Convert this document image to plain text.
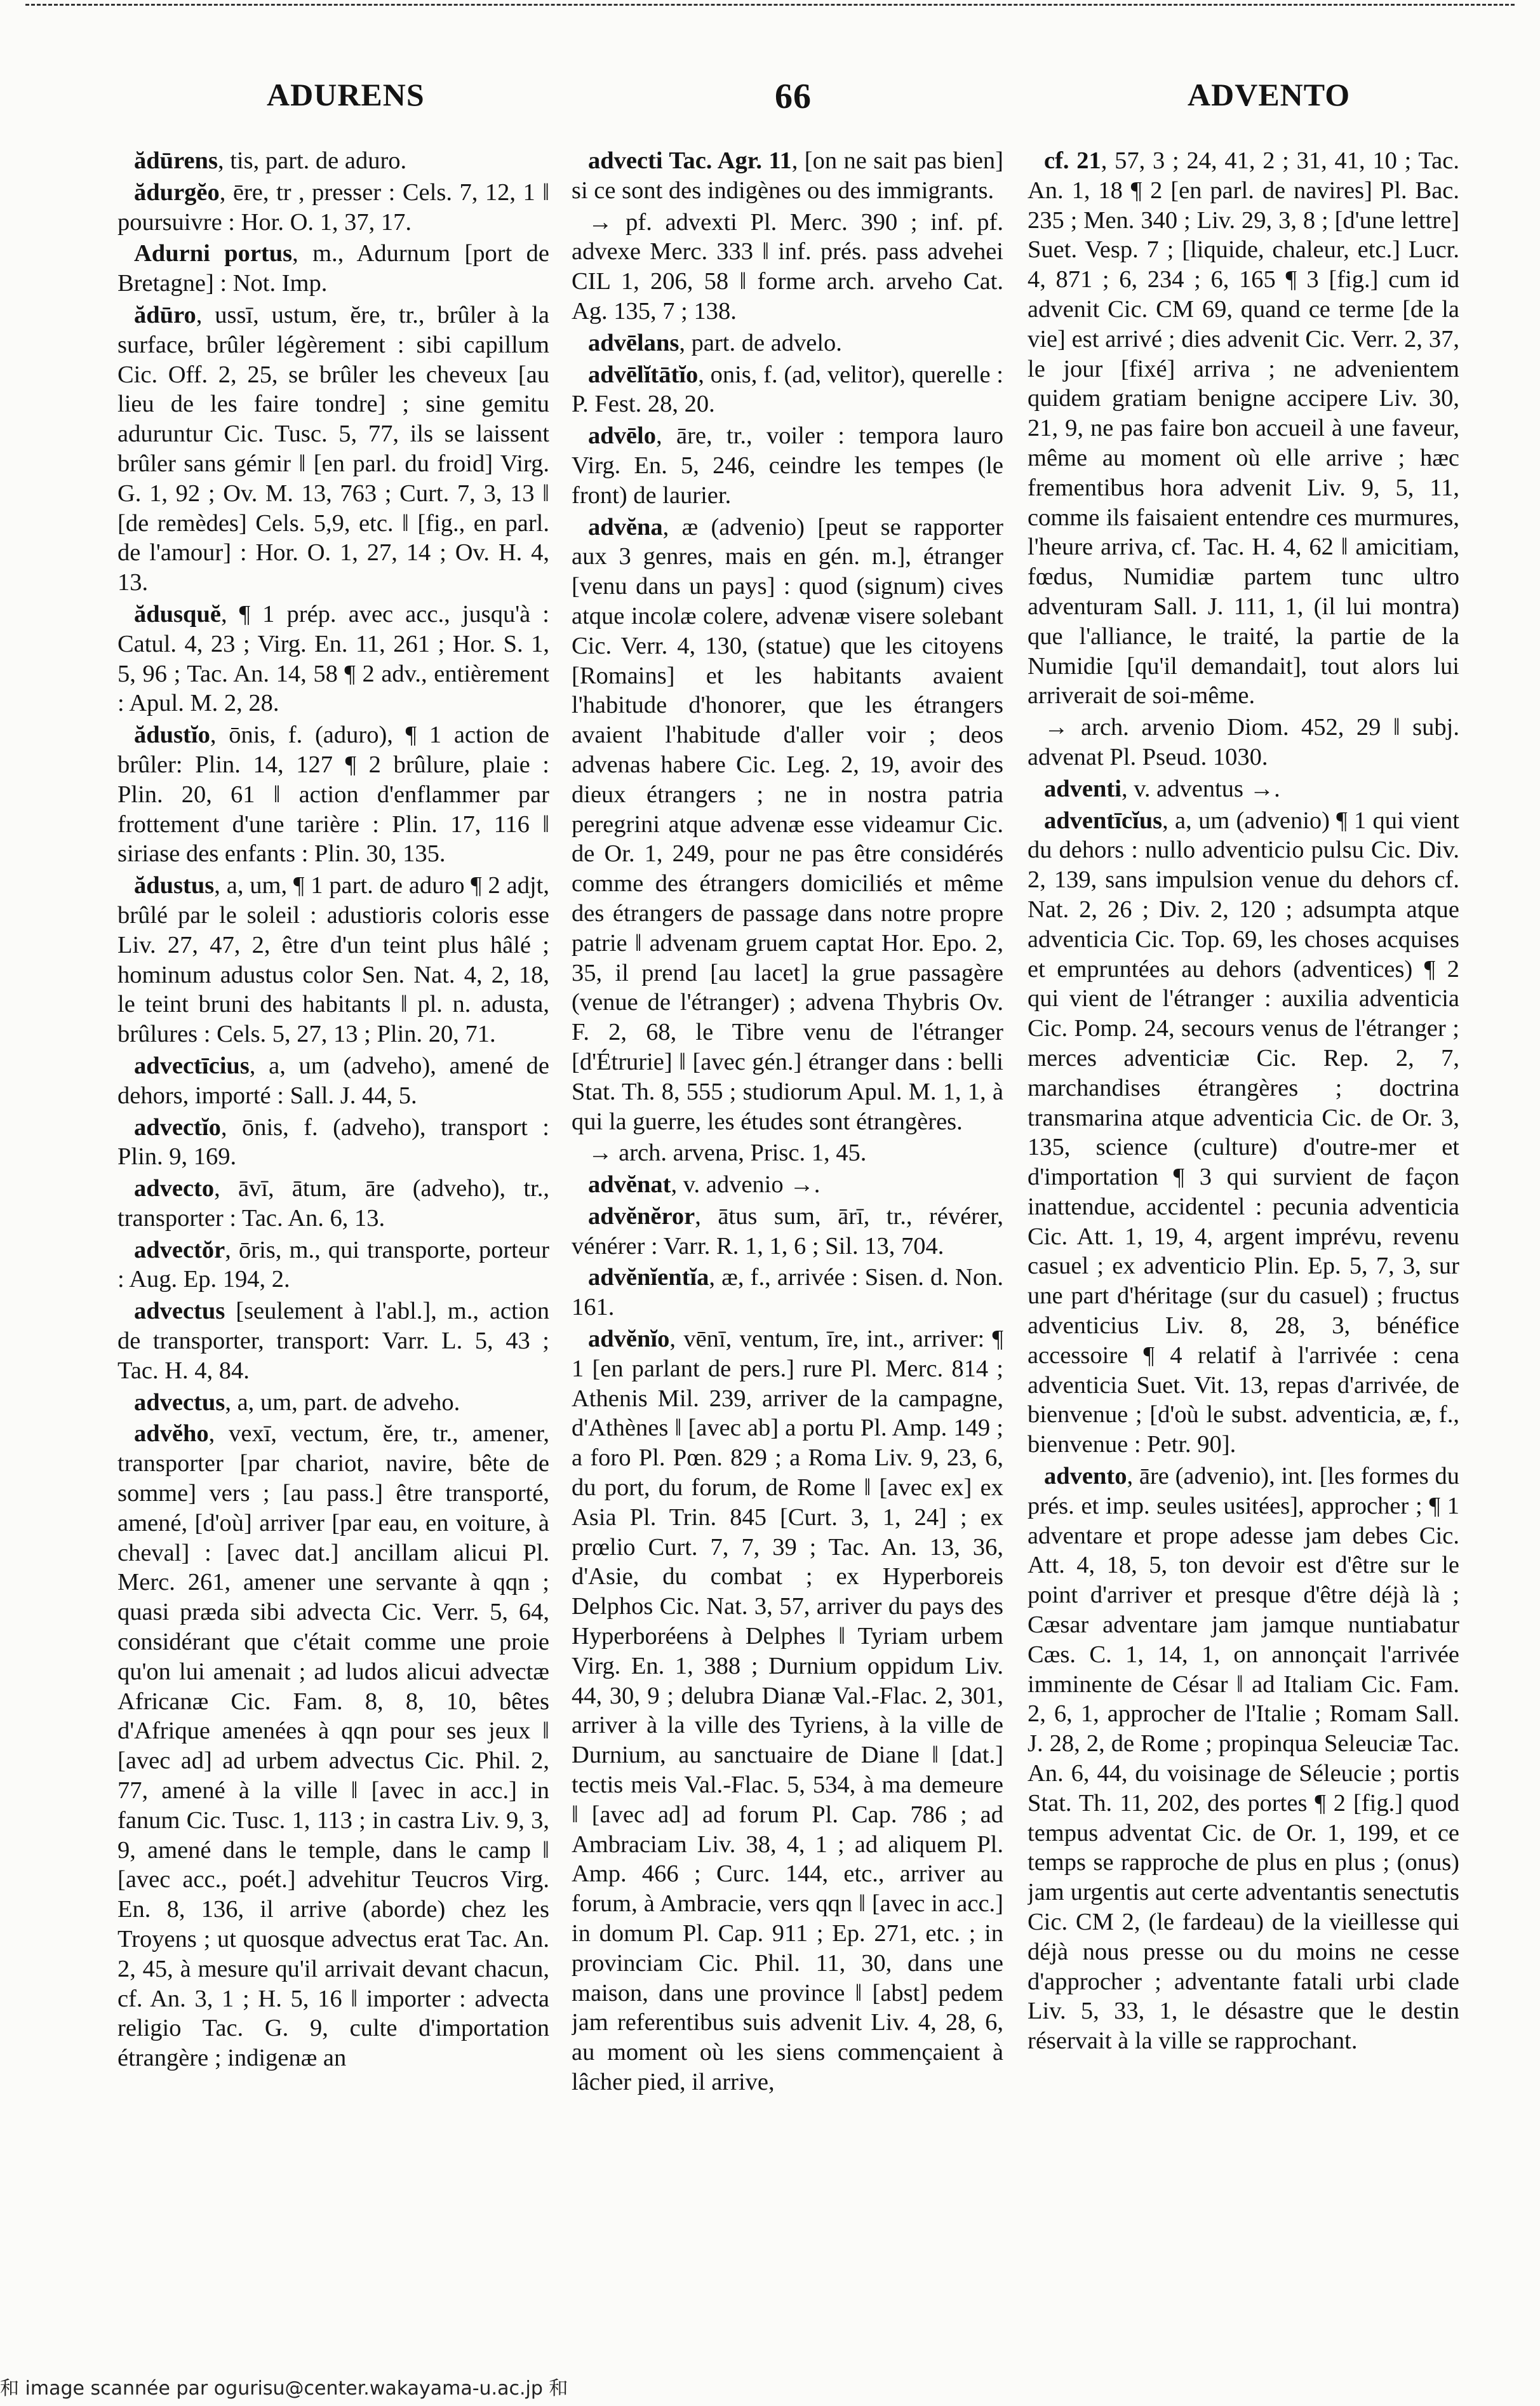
ADURENS	66	ADVENTO

ădūrens, tis, part. de aduro.

ădurgĕo, ēre, tr , presser : Cels. 7, 12, 1 ‖ poursuivre : Hor. O. 1, 37, 17.

Adurni portus, m., Adurnum [port de Bretagne] : Not. Imp.

ădūro, ussī, ustum, ĕre, tr., brûler à la surface, brûler légèrement : sibi capillum Cic. Off. 2, 25, se brûler les cheveux [au lieu de les faire tondre] ; sine gemitu aduruntur Cic. Tusc. 5, 77, ils se laissent brûler sans gémir ‖ [en parl. du froid] Virg. G. 1, 92 ; Ov. M. 13, 763 ; Curt. 7, 3, 13 ‖ [de remèdes] Cels. 5,9, etc. ‖ [fig., en parl. de l'amour] : Hor. O. 1, 27, 14 ; Ov. H. 4, 13.

ădusquĕ, ¶ 1 prép. avec acc., jusqu'à : Catul. 4, 23 ; Virg. En. 11, 261 ; Hor. S. 1, 5, 96 ; Tac. An. 14, 58 ¶ 2 adv., entièrement : Apul. M. 2, 28.

ădustĭo, ōnis, f. (aduro), ¶ 1 action de brûler: Plin. 14, 127 ¶ 2 brûlure, plaie : Plin. 20, 61 ‖ action d'enflammer par frottement d'une tarière : Plin. 17, 116 ‖ siriase des enfants : Plin. 30, 135.

ădustus, a, um, ¶ 1 part. de aduro ¶ 2 adjt, brûlé par le soleil : adustioris coloris esse Liv. 27, 47, 2, être d'un teint plus hâlé ; hominum adustus color Sen. Nat. 4, 2, 18, le teint bruni des habitants ‖ pl. n. adusta, brûlures : Cels. 5, 27, 13 ; Plin. 20, 71.

advectīcius, a, um (adveho), amené de dehors, importé : Sall. J. 44, 5.

advectĭo, ōnis, f. (adveho), transport : Plin. 9, 169.

advecto, āvī, ātum, āre (adveho), tr., transporter : Tac. An. 6, 13.

advectŏr, ōris, m., qui transporte, porteur : Aug. Ep. 194, 2.

advectus [seulement à l'abl.], m., action de transporter, transport: Varr. L. 5, 43 ; Tac. H. 4, 84.

advectus, a, um, part. de adveho.

advĕho, vexī, vectum, ĕre, tr., amener, transporter [par chariot, navire, bête de somme] vers ; [au pass.] être transporté, amené, [d'où] arriver [par eau, en voiture, à cheval] : [avec dat.] ancillam alicui Pl. Merc. 261, amener une servante à qqn ; quasi præda sibi advecta Cic. Verr. 5, 64, considérant que c'était comme une proie qu'on lui amenait ; ad ludos alicui advectæ Africanæ Cic. Fam. 8, 8, 10, bêtes d'Afrique amenées à qqn pour ses jeux ‖ [avec ad] ad urbem advectus Cic. Phil. 2, 77, amené à la ville ‖ [avec in acc.] in fanum Cic. Tusc. 1, 113 ; in castra Liv. 9, 3, 9, amené dans le temple, dans le camp ‖ [avec acc., poét.] advehitur Teucros Virg. En. 8, 136, il arrive (aborde) chez les Troyens ; ut quosque advectus erat Tac. An. 2, 45, à mesure qu'il arrivait devant chacun, cf. An. 3, 1 ; H. 5, 16 ‖ importer : advecta religio Tac. G. 9, culte d'importation étrangère ; indigenæ an

advecti Tac. Agr. 11, [on ne sait pas bien] si ce sont des indigènes ou des immigrants.

→ pf. advexti Pl. Merc. 390 ; inf. pf. advexe Merc. 333 ‖ inf. prés. pass advehei CIL 1, 206, 58 ‖ forme arch. arveho Cat. Ag. 135, 7 ; 138.

advēlans, part. de advelo.

advēlĭtātĭo, onis, f. (ad, velitor), querelle : P. Fest. 28, 20.

advēlo, āre, tr., voiler : tempora lauro Virg. En. 5, 246, ceindre les tempes (le front) de laurier.

advĕna, æ (advenio) [peut se rapporter aux 3 genres, mais en gén. m.], étranger [venu dans un pays] : quod (signum) cives atque incolæ colere, advenæ visere solebant Cic. Verr. 4, 130, (statue) que les citoyens [Romains] et les habitants avaient l'habitude d'honorer, que les étrangers avaient l'habitude d'aller voir ; deos advenas habere Cic. Leg. 2, 19, avoir des dieux étrangers ; ne in nostra patria peregrini atque advenæ esse videamur Cic. de Or. 1, 249, pour ne pas être considérés comme des étrangers domiciliés et même des étrangers de passage dans notre propre patrie ‖ advenam gruem captat Hor. Epo. 2, 35, il prend [au lacet] la grue passagère (venue de l'étranger) ; advena Thybris Ov. F. 2, 68, le Tibre venu de l'étranger [d'Étrurie] ‖ [avec gén.] étranger dans : belli Stat. Th. 8, 555 ; studiorum Apul. M. 1, 1, à qui la guerre, les études sont étrangères.

→ arch. arvena, Prisc. 1, 45.

advĕnat, v. advenio →.

advĕnĕror, ātus sum, ārī, tr., révérer, vénérer : Varr. R. 1, 1, 6 ; Sil. 13, 704.

advĕnĭentĭa, æ, f., arrivée : Sisen. d. Non. 161.

advĕnĭo, vēnī, ventum, īre, int., arriver: ¶ 1 [en parlant de pers.] rure Pl. Merc. 814 ; Athenis Mil. 239, arriver de la campagne, d'Athènes ‖ [avec ab] a portu Pl. Amp. 149 ; a foro Pl. Pœn. 829 ; a Roma Liv. 9, 23, 6, du port, du forum, de Rome ‖ [avec ex] ex Asia Pl. Trin. 845 [Curt. 3, 1, 24] ; ex prœlio Curt. 7, 7, 39 ; Tac. An. 13, 36, d'Asie, du combat ; ex Hyperboreis Delphos Cic. Nat. 3, 57, arriver du pays des Hyperboréens à Delphes ‖ Tyriam urbem Virg. En. 1, 388 ; Durnium oppidum Liv. 44, 30, 9 ; delubra Dianæ Val.-Flac. 2, 301, arriver à la ville des Tyriens, à la ville de Durnium, au sanctuaire de Diane ‖ [dat.] tectis meis Val.-Flac. 5, 534, à ma demeure ‖ [avec ad] ad forum Pl. Cap. 786 ; ad Ambraciam Liv. 38, 4, 1 ; ad aliquem Pl. Amp. 466 ; Curc. 144, etc., arriver au forum, à Ambracie, vers qqn ‖ [avec in acc.] in domum Pl. Cap. 911 ; Ep. 271, etc. ; in provinciam Cic. Phil. 11, 30, dans une maison, dans une province ‖ [abst] pedem jam referentibus suis advenit Liv. 4, 28, 6, au moment où les siens commençaient à lâcher pied, il arrive,

cf. 21, 57, 3 ; 24, 41, 2 ; 31, 41, 10 ; Tac. An. 1, 18 ¶ 2 [en parl. de navires] Pl. Bac. 235 ; Men. 340 ; Liv. 29, 3, 8 ; [d'une lettre] Suet. Vesp. 7 ; [liquide, chaleur, etc.] Lucr. 4, 871 ; 6, 234 ; 6, 165 ¶ 3 [fig.] cum id advenit Cic. CM 69, quand ce terme [de la vie] est arrivé ; dies advenit Cic. Verr. 2, 37, le jour [fixé] arriva ; ne advenientem quidem gratiam benigne accipere Liv. 30, 21, 9, ne pas faire bon accueil à une faveur, même au moment où elle arrive ; hæc frementibus hora advenit Liv. 9, 5, 11, comme ils faisaient entendre ces murmures, l'heure arriva, cf. Tac. H. 4, 62 ‖ amicitiam, fœdus, Numidiæ partem tunc ultro adventuram Sall. J. 111, 1, (il lui montra) que l'alliance, le traité, la partie de la Numidie [qu'il demandait], tout alors lui arriverait de soi-même.

→ arch. arvenio Diom. 452, 29 ‖ subj. advenat Pl. Pseud. 1030.

adventi, v. adventus →.

adventīcĭus, a, um (advenio) ¶ 1 qui vient du dehors : nullo adventicio pulsu Cic. Div. 2, 139, sans impulsion venue du dehors cf. Nat. 2, 26 ; Div. 2, 120 ; adsumpta atque adventicia Cic. Top. 69, les choses acquises et empruntées au dehors (adventices) ¶ 2 qui vient de l'étranger : auxilia adventicia Cic. Pomp. 24, secours venus de l'étranger ; merces adventiciæ Cic. Rep. 2, 7, marchandises étrangères ; doctrina transmarina atque adventicia Cic. de Or. 3, 135, science (culture) d'outre-mer et d'importation ¶ 3 qui survient de façon inattendue, accidentel : pecunia adventicia Cic. Att. 1, 19, 4, argent imprévu, revenu casuel ; ex adventicio Plin. Ep. 5, 7, 3, sur une part d'héritage (sur du casuel) ; fructus adventicius Liv. 8, 28, 3, bénéfice accessoire ¶ 4 relatif à l'arrivée : cena adventicia Suet. Vit. 13, repas d'arrivée, de bienvenue ; [d'où le subst. adventicia, æ, f., bienvenue : Petr. 90].

advento, āre (advenio), int. [les formes du prés. et imp. seules usitées], approcher ; ¶ 1 adventare et prope adesse jam debes Cic. Att. 4, 18, 5, ton devoir est d'être sur le point d'arriver et presque d'être déjà là ; Cæsar adventare jam jamque nuntiabatur Cæs. C. 1, 14, 1, on annonçait l'arrivée imminente de César ‖ ad Italiam Cic. Fam. 2, 6, 1, approcher de l'Italie ; Romam Sall. J. 28, 2, de Rome ; propinqua Seleuciæ Tac. An. 6, 44, du voisinage de Séleucie ; portis Stat. Th. 11, 202, des portes ¶ 2 [fig.] quod tempus adventat Cic. de Or. 1, 199, et ce temps se rapproche de plus en plus ; (onus) jam urgentis aut certe adventantis senectutis Cic. CM 2, (le fardeau) de la vieillesse qui déjà nous presse ou du moins ne cesse d'approcher ; adventante fatali urbi clade Liv. 5, 33, 1, le désastre que le destin réservait à la ville se rapprochant.

和 image scannée par ogurisu@center.wakayama-u.ac.jp 和
